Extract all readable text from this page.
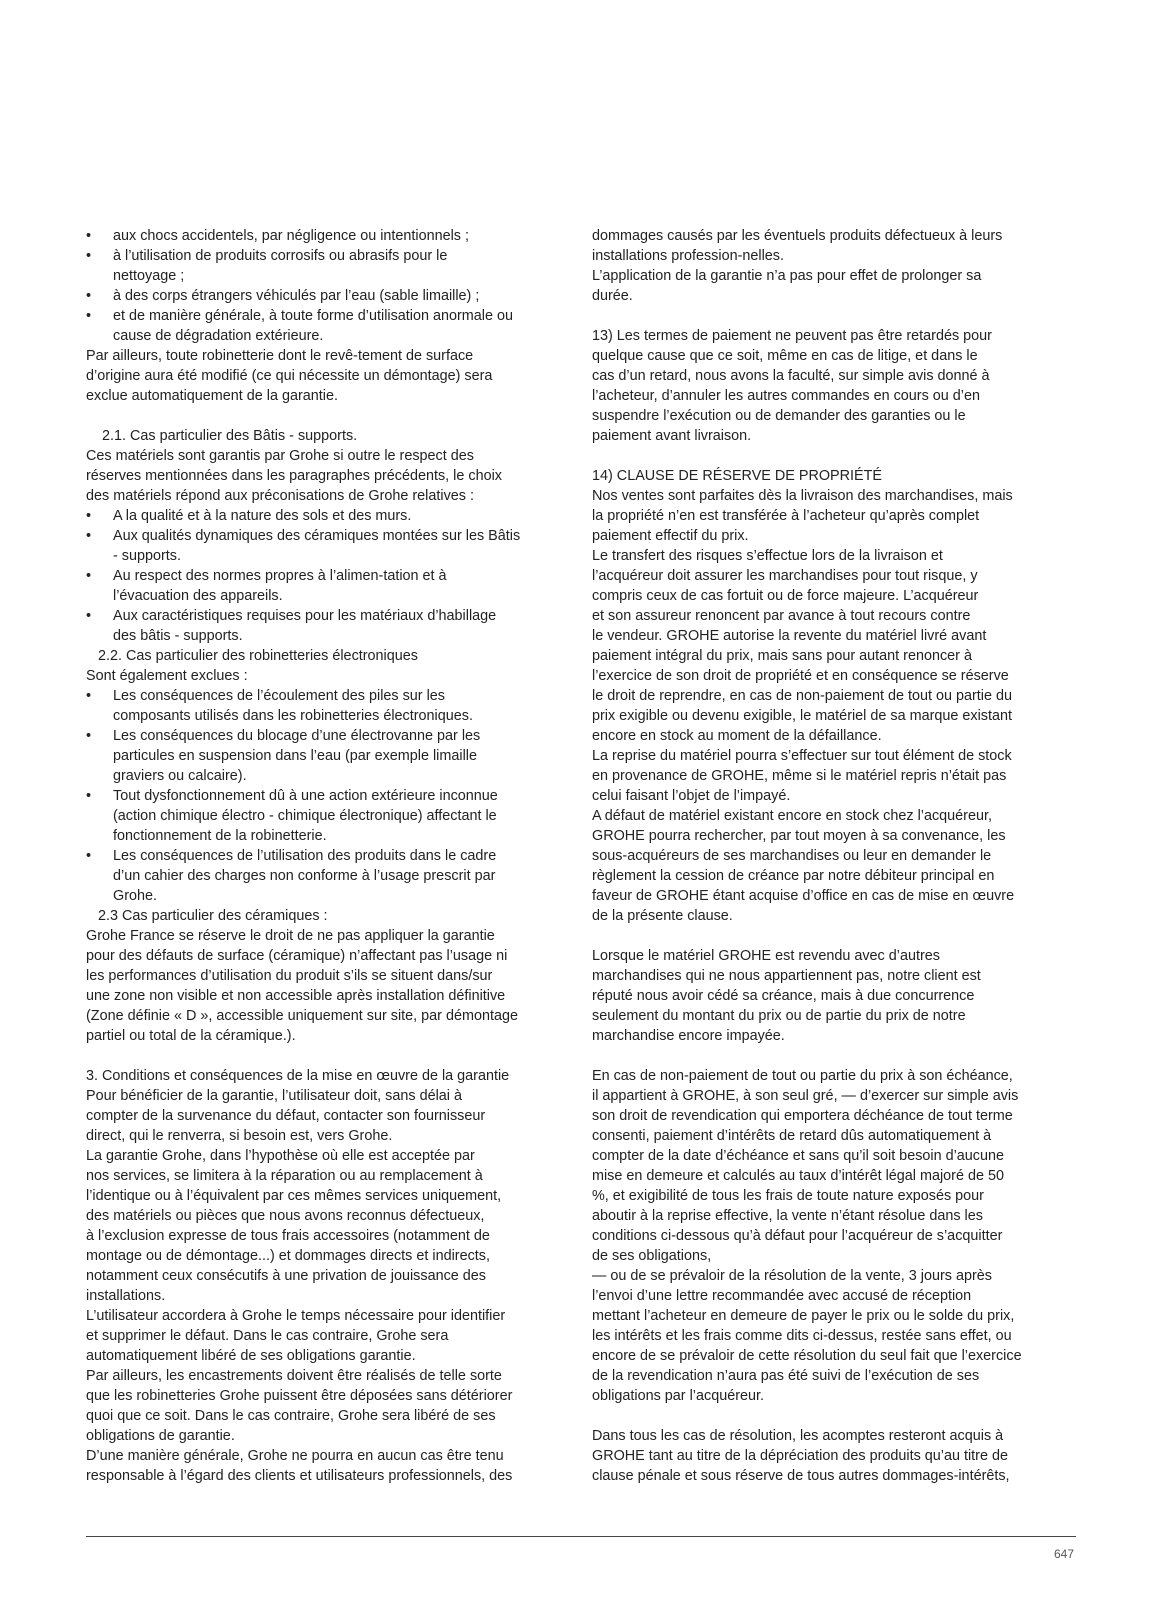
• aux chocs accidentels, par négligence ou intentionnels ;
• à l’utilisation de produits corrosifs ou abrasifs pour le
nettoyage ;
• à des corps étrangers véhiculés par l’eau (sable limaille) ;
• et de manière générale, à toute forme d’utilisation anormale ou
cause de dégradation extérieure.
Par ailleurs, toute robinetterie dont le revê-tement de surface
d’origine aura été modifié (ce qui nécessite un démontage) sera
exclue automatiquement de la garantie.
2.1. Cas particulier des Bâtis - supports.
Ces matériels sont garantis par Grohe si outre le respect des
réserves mentionnées dans les paragraphes précédents, le choix
des matériels répond aux préconisations de Grohe relatives :
• A la qualité et à la nature des sols et des murs.
• Aux qualités dynamiques des céramiques montées sur les Bâtis
- supports.
• Au respect des normes propres à l’alimen-tation et à
l’évacuation des appareils.
• Aux caractéristiques requises pour les matériaux d’habillage
des bâtis - supports.
2.2. Cas particulier des robinetteries électroniques
Sont également exclues :
• Les conséquences de l’écoulement des piles sur les
composants utilisés dans les robinetteries électroniques.
• Les conséquences du blocage d’une électrovanne par les
particules en suspension dans l’eau (par exemple limaille
graviers ou calcaire).
• Tout dysfonctionnement dû à une action extérieure inconnue
(action chimique électro - chimique électronique) affectant le
fonctionnement de la robinetterie.
• Les conséquences de l’utilisation des produits dans le cadre
d’un cahier des charges non conforme à l’usage prescrit par
Grohe.
2.3 Cas particulier des céramiques :
Grohe France se réserve le droit de ne pas appliquer la garantie
pour des défauts de surface (céramique) n’affectant pas l’usage ni
les performances d’utilisation du produit s’ils se situent dans/sur
une zone non visible et non accessible après installation définitive
(Zone définie « D », accessible uniquement sur site, par démontage
partiel ou total de la céramique.).
3. Conditions et conséquences de la mise en œuvre de la garantie
Pour bénéficier de la garantie, l’utilisateur doit, sans délai à
compter de la survenance du défaut, contacter son fournisseur
direct, qui le renverra, si besoin est, vers Grohe.
La garantie Grohe, dans l’hypothèse où elle est acceptée par
nos services, se limitera à la réparation ou au remplacement à
l’identique ou à l’équivalent par ces mêmes services uniquement,
des matériels ou pièces que nous avons reconnus défectueux,
à l’exclusion expresse de tous frais accessoires (notamment de
montage ou de démontage...) et dommages directs et indirects,
notamment ceux consécutifs à une privation de jouissance des
installations.
L’utilisateur accordera à Grohe le temps nécessaire pour identifier
et supprimer le défaut. Dans le cas contraire, Grohe sera
automatiquement libéré de ses obligations garantie.
Par ailleurs, les encastrements doivent être réalisés de telle sorte
que les robinetteries Grohe puissent être déposées sans détériorer
quoi que ce soit. Dans le cas contraire, Grohe sera libéré de ses
obligations de garantie.
D’une manière générale, Grohe ne pourra en aucun cas être tenu
responsable à l’égard des clients et utilisateurs professionnels, des
dommages causés par les éventuels produits défectueux à leurs
installations profession-nelles.
L’application de la garantie n’a pas pour effet de prolonger sa
durée.
13) Les termes de paiement ne peuvent pas être retardés pour
quelque cause que ce soit, même en cas de litige, et dans le
cas d’un retard, nous avons la faculté, sur simple avis donné à
l’acheteur, d’annuler les autres commandes en cours ou d’en
suspendre l’exécution ou de demander des garanties ou le
paiement avant livraison.
14) CLAUSE DE RÉSERVE DE PROPRIÉTÉ
Nos ventes sont parfaites dès la livraison des marchandises, mais
la propriété n’en est transférée à l’acheteur qu’après complet
paiement effectif du prix.
Le transfert des risques s’effectue lors de la livraison et
l’acquéreur doit assurer les marchandises pour tout risque, y
compris ceux de cas fortuit ou de force majeure. L’acquéreur
et son assureur renoncent par avance à tout recours contre
le vendeur. GROHE autorise la revente du matériel livré avant
paiement intégral du prix, mais sans pour autant renoncer à
l’exercice de son droit de propriété et en conséquence se réserve
le droit de reprendre, en cas de non-paiement de tout ou partie du
prix exigible ou devenu exigible, le matériel de sa marque existant
encore en stock au moment de la défaillance.
La reprise du matériel pourra s’effectuer sur tout élément de stock
en provenance de GROHE, même si le matériel repris n’était pas
celui faisant l’objet de l’impayé.
A défaut de matériel existant encore en stock chez l’acquéreur,
GROHE pourra rechercher, par tout moyen à sa convenance, les
sous-acquéreurs de ses marchandises ou leur en demander le
règlement la cession de créance par notre débiteur principal en
faveur de GROHE étant acquise d’office en cas de mise en œuvre
de la présente clause.
Lorsque le matériel GROHE est revendu avec d’autres
marchandises qui ne nous appartiennent pas, notre client est
réputé nous avoir cédé sa créance, mais à due concurrence
seulement du montant du prix ou de partie du prix de notre
marchandise encore impayée.
En cas de non-paiement de tout ou partie du prix à son échéance,
il appartient à GROHE, à son seul gré, — d’exercer sur simple avis
son droit de revendication qui emportera déchéance de tout terme
consenti, paiement d’intérêts de retard dûs automatiquement à
compter de la date d’échéance et sans qu’il soit besoin d’aucune
mise en demeure et calculés au taux d’intérêt légal majoré de 50
%, et exigibilité de tous les frais de toute nature exposés pour
aboutir à la reprise effective, la vente n’étant résolue dans les
conditions ci-dessous qu’à défaut pour l’acquéreur de s’acquitter
de ses obligations,
— ou de se prévaloir de la résolution de la vente, 3 jours après
l’envoi d’une lettre recommandée avec accusé de réception
mettant l’acheteur en demeure de payer le prix ou le solde du prix,
les intérêts et les frais comme dits ci-dessus, restée sans effet, ou
encore de se prévaloir de cette résolution du seul fait que l’exercice
de la revendication n’aura pas été suivi de l’exécution de ses
obligations par l’acquéreur.
Dans tous les cas de résolution, les acomptes resteront acquis à
GROHE tant au titre de la dépréciation des produits qu’au titre de
clause pénale et sous réserve de tous autres dommages-intérêts,
647
